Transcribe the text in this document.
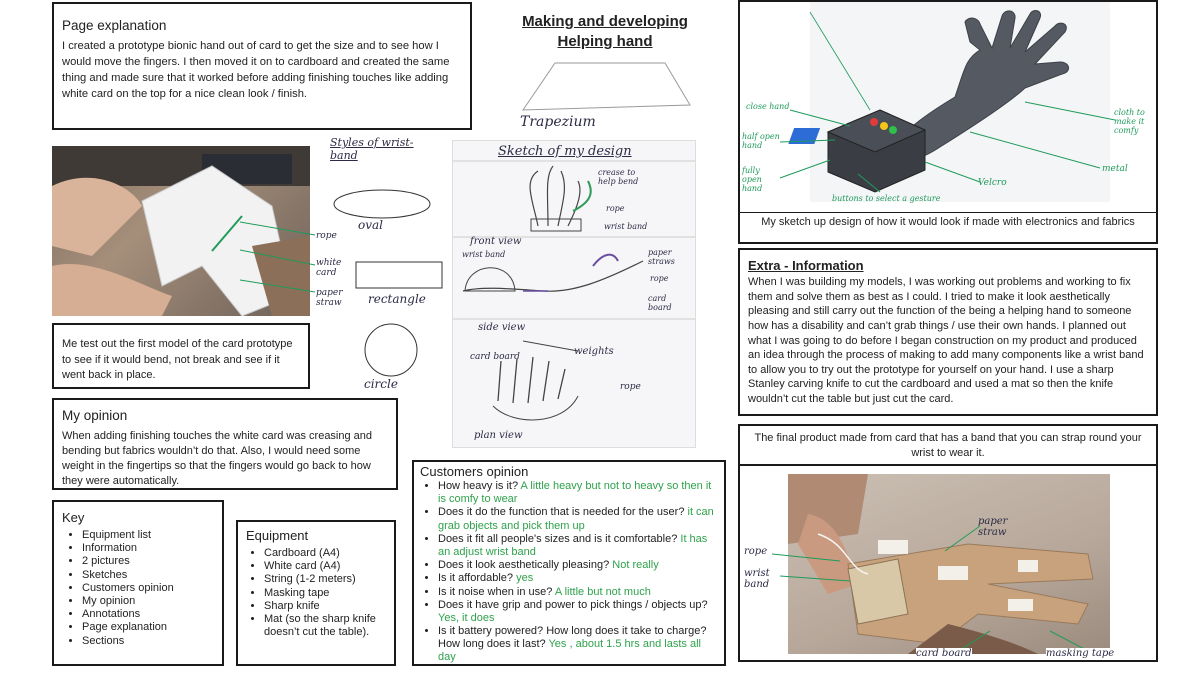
Page explanation
I created a prototype bionic hand out of card to get the size and to see how I would move the fingers. I then moved it on to cardboard and created the same thing and made sure that it worked before adding finishing touches like adding white card on the top for a nice clean look / finish.
Making and developing
Helping hand
Trapezium
rope
white card
paper straw
Me test out the first model of the card prototype to see if it would bend, not break and see if it went back in place.
Styles of wrist-band
oval
rectangle
circle
Sketch of my design
crease to help bend
rope
wrist band
front view
wrist band	paper straws
rope
card board
side view
card board	weights
rope
plan view
My opinion
When adding finishing touches the white card was creasing and bending but fabrics wouldn’t do that. Also, I would need some weight in the fingertips so that the fingers would go back to how they were automatically.
Key
• Equipment list
• Information
• 2 pictures
• Sketches
• Customers opinion
• My opinion
• Annotations
• Page explanation
• Sections
Equipment
• Cardboard (A4)
• White card (A4)
• String (1-2 meters)
• Masking tape
• Sharp knife
• Mat (so the sharp knife doesn’t cut the table).
Customers opinion
• How heavy is it? A little heavy but not to heavy so then it is comfy to wear
• Does it do the function that is needed for the user? it can grab objects and pick them up
• Does it fit all people's sizes and is it comfortable? It has an adjust wrist band
• Does it look aesthetically pleasing? Not really
• Is it affordable? yes
• Is it noise when in use? A little but not much
• Does it have grip and power to pick things / objects up? Yes, it does
• Is it battery powered? How long does it take to charge? How long does it last? Yes , about 1.5 hrs and lasts all day
close hand
half open hand
fully open hand
buttons to select a gesture
Velcro
metal
cloth to make it comfy
My sketch up design of how it would look if made with electronics and fabrics
Extra - Information
When I was building my models, I was working out problems and working to fix them and solve them as best as I could. I tried to make it look aesthetically pleasing and still carry out the function of the being a helping hand to someone how has a disability and can’t grab things / use their own hands. I planned out what I was going to do before I began construction on my product and produced an idea through the process of making to add many components like a wrist band to allow you to try out the prototype for yourself on your hand. I use a sharp Stanley carving knife to cut the cardboard and used a mat so then the knife wouldn’t cut the table but just cut the card.
The final product made from card that has a band that you can strap round your wrist to wear it.
paper straw
rope
wrist band
card board	masking tape
